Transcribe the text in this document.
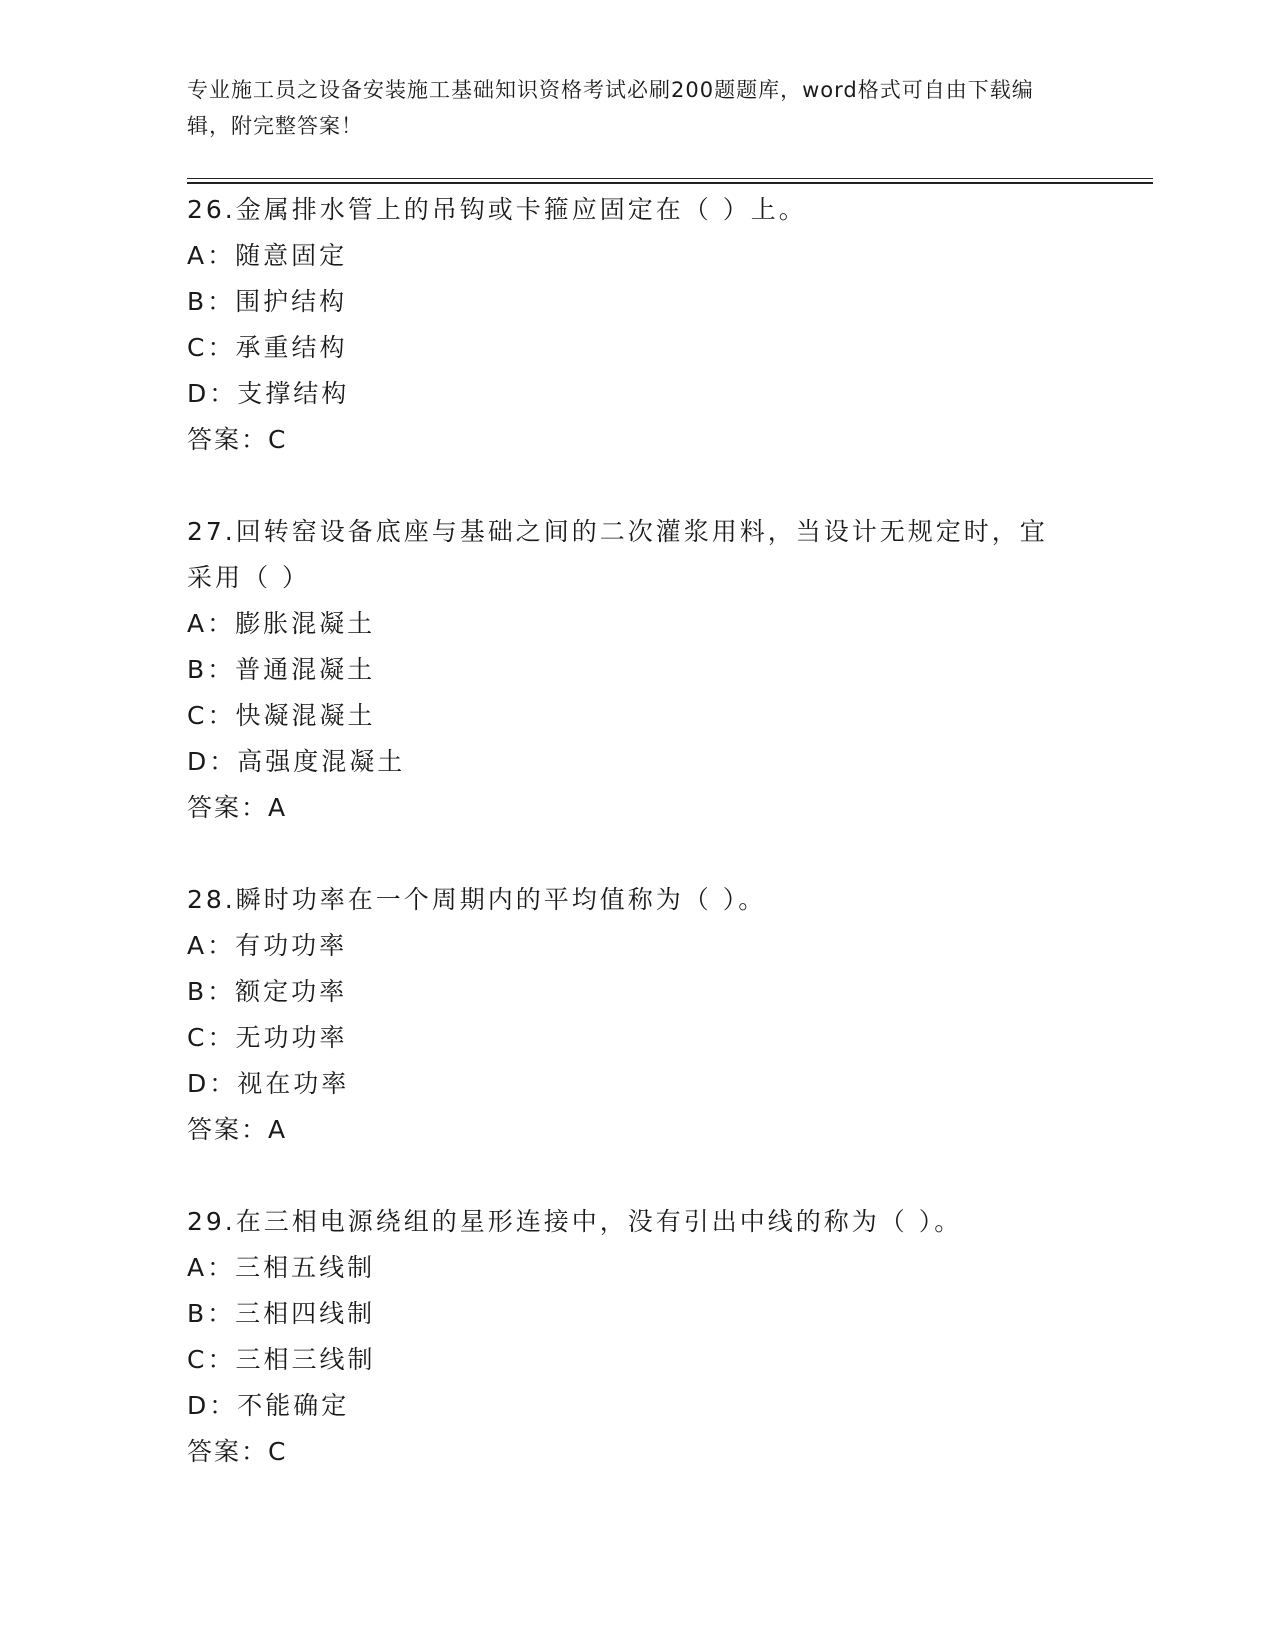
专业施工员之设备安装施工基础知识资格考试必刷200题题库，word格式可自由下载编辑，附完整答案！
26.金属排水管上的吊钩或卡箍应固定在（ ）上。
A：随意固定
B：围护结构
C：承重结构
D：支撑结构
答案：C
27.回转窑设备底座与基础之间的二次灌浆用料，当设计无规定时，宜采用（ ）
A：膨胀混凝土
B：普通混凝土
C：快凝混凝土
D：高强度混凝土
答案：A
28.瞬时功率在一个周期内的平均值称为（ ）。
A：有功功率
B：额定功率
C：无功功率
D：视在功率
答案：A
29.在三相电源绕组的星形连接中，没有引出中线的称为（ ）。
A：三相五线制
B：三相四线制
C：三相三线制
D：不能确定
答案：C
